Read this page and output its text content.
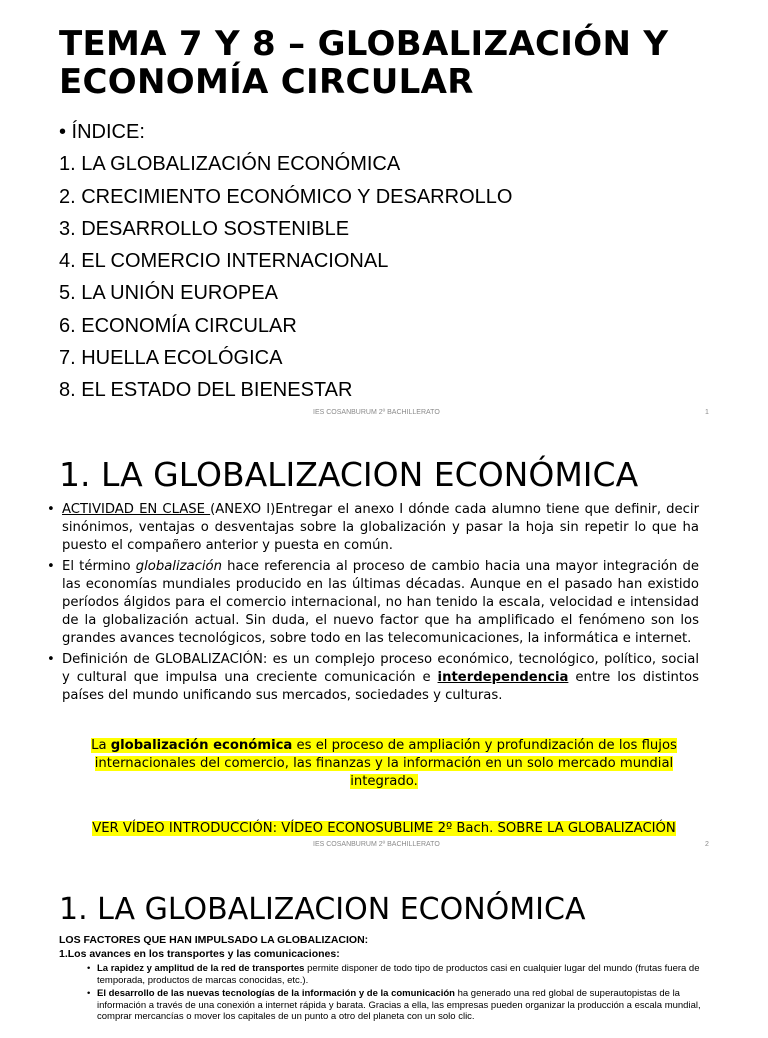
TEMA 7 Y 8 – GLOBALIZACIÓN Y ECONOMÍA CIRCULAR
• ÍNDICE:
1. LA GLOBALIZACIÓN ECONÓMICA
2. CRECIMIENTO ECONÓMICO Y DESARROLLO
3. DESARROLLO SOSTENIBLE
4. EL COMERCIO INTERNACIONAL
5. LA UNIÓN EUROPEA
6. ECONOMÍA CIRCULAR
7. HUELLA ECOLÓGICA
8. EL ESTADO DEL BIENESTAR
IES COSANBURUM 2º BACHILLERATO	1
1. LA GLOBALIZACION ECONÓMICA
• ACTIVIDAD EN CLASE (ANEXO I)Entregar el anexo I dónde cada alumno tiene que definir, decir sinónimos, ventajas o desventajas sobre la globalización y pasar la hoja sin repetir lo que ha puesto el compañero anterior y puesta en común.
• El término globalización hace referencia al proceso de cambio hacia una mayor integración de las economías mundiales producido en las últimas décadas. Aunque en el pasado han existido períodos álgidos para el comercio internacional, no han tenido la escala, velocidad e intensidad de la globalización actual. Sin duda, el nuevo factor que ha amplificado el fenómeno son los grandes avances tecnológicos, sobre todo en las telecomunicaciones, la informática e internet.
• Definición de GLOBALIZACIÓN: es un complejo proceso económico, tecnológico, político, social y cultural que impulsa una creciente comunicación e interdependencia entre los distintos países del mundo unificando sus mercados, sociedades y culturas.
La globalización económica es el proceso de ampliación y profundización de los flujos internacionales del comercio, las finanzas y la información en un solo mercado mundial integrado.
VER VÍDEO INTRODUCCIÓN: VÍDEO ECONOSUBLIME 2º Bach. SOBRE LA GLOBALIZACIÓN
IES COSANBURUM 2º BACHILLERATO	2
1. LA GLOBALIZACION ECONÓMICA
LOS FACTORES QUE HAN IMPULSADO LA GLOBALIZACION:
1.Los avances en los transportes y las comunicaciones:
• La rapidez y amplitud de la red de transportes permite disponer de todo tipo de productos casi en cualquier lugar del mundo (frutas fuera de temporada, productos de marcas conocidas, etc.).
• El desarrollo de las nuevas tecnologías de la información y de la comunicación ha generado una red global de superautopistas de la información a través de una conexión a internet rápida y barata. Gracias a ella, las empresas pueden organizar la producción a escala mundial, comprar mercancías o mover los capitales de un punto a otro del planeta con un solo clic.
